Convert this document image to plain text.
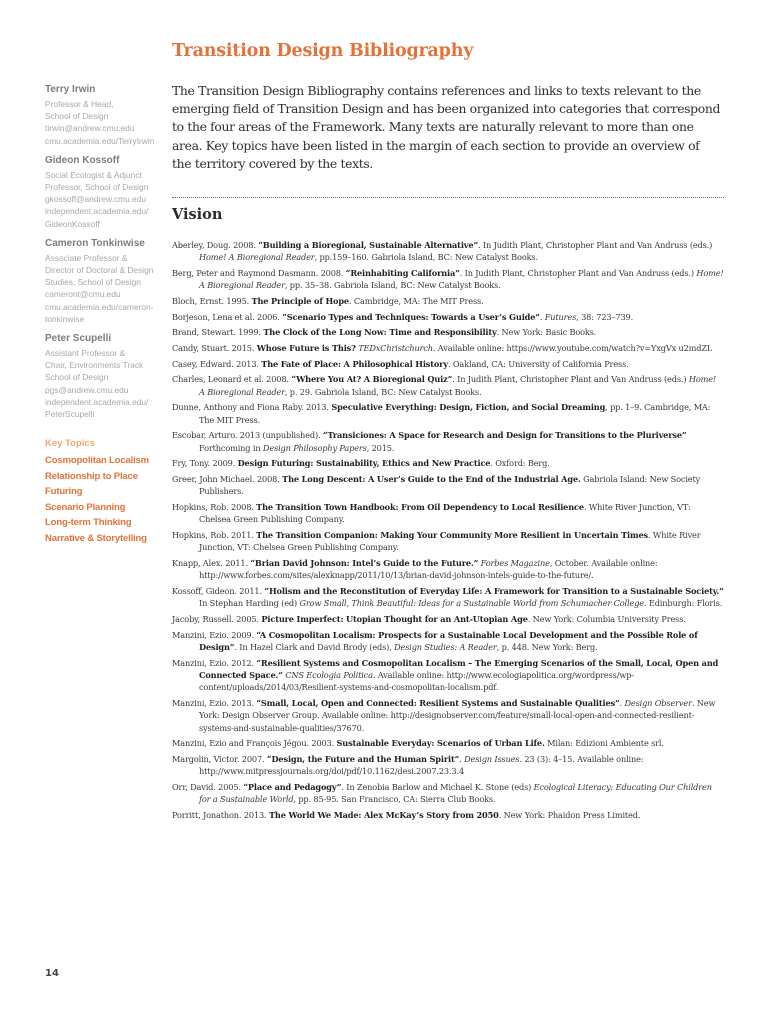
Transition Design Bibliography
Terry Irwin
Professor & Head,
School of Design
tirwin@andrew.cmu.edu
cmu.academia.edu/TerryIrwin
Gideon Kossoff
Social Ecologist & Adjunct
Professor, School of Design
gkossoff@andrew.cmu.edu
independent.academia.edu/
GideonKossoff
Cameron Tonkinwise
Associate Professor &
Director of Doctoral & Design
Studies, School of Design
cameront@cmu.edu
cmu.academia.edu/cameron-
tonkinwise
Peter Scupelli
Assistant Professor &
Chair, Environments Track
School of Design
pgs@andrew.cmu.edu
independent.academia.edu/
PeterScupelli
Key Topics
Cosmopolitan Localism
Relationship to Place
Futuring
Scenario Planning
Long-term Thinking
Narrative & Storytelling

The Transition Design Bibliography contains references and links to texts relevant to the emerging field of Transition Design and has been organized into categories that correspond to the four areas of the Framework. Many texts are naturally relevant to more than one area. Key topics have been listed in the margin of each section to provide an overview of the territory covered by the texts.

Vision
Aberley, Doug. 2008. “Building a Bioregional, Sustainable Alternative”. In Judith Plant, Christopher Plant and Van Andruss (eds.) Home! A Bioregional Reader, pp.159–160. Gabriola Island, BC: New Catalyst Books.
Berg, Peter and Raymond Dasmann. 2008. “Reinhabiting California”. In Judith Plant, Christopher Plant and Van Andruss (eds.) Home! A Bioregional Reader, pp. 35–38. Gabriola Island, BC: New Catalyst Books.
Bloch, Ernst. 1995. The Principle of Hope. Cambridge, MA: The MIT Press.
Borjeson, Lena et al. 2006. “Scenario Types and Techniques: Towards a User’s Guide”. Futures, 38: 723–739.
Brand, Stewart. 1999. The Clock of the Long Now: Time and Responsibility. New York: Basic Books.
Candy, Stuart. 2015. Whose Future is This? TEDxChristchurch. Available online: https://www.youtube.com/watch?v=YxgVx u2mdZI.
Casey, Edward. 2013. The Fate of Place: A Philosophical History. Oakland, CA: University of California Press.
Charles, Leonard et al. 2008. “Where You At? A Bioregional Quiz”. In Judith Plant, Christopher Plant and Van Andruss (eds.) Home! A Bioregional Reader, p. 29. Gabriola Island, BC: New Catalyst Books.
Dunne, Anthony and Fiona Raby. 2013. Speculative Everything: Design, Fiction, and Social Dreaming, pp. 1–9. Cambridge, MA: The MIT Press.
Escobar, Arturo. 2013 (unpublished). “Transiciones: A Space for Research and Design for Transitions to the Pluriverse” Forthcoming in Design Philosophy Papers, 2015.
Fry, Tony. 2009. Design Futuring: Sustainability, Ethics and New Practice. Oxford: Berg.
Greer, John Michael. 2008. The Long Descent: A User’s Guide to the End of the Industrial Age. Gabriola Island: New Society Publishers.
Hopkins, Rob. 2008. The Transition Town Handbook: From Oil Dependency to Local Resilience. White River Junction, VT: Chelsea Green Publishing Company.
Hopkins, Rob. 2011. The Transition Companion: Making Your Community More Resilient in Uncertain Times. White River Junction, VT: Chelsea Green Publishing Company.
Knapp, Alex. 2011. “Brian David Johnson: Intel’s Guide to the Future.” Forbes Magazine, October. Available online: http://www.forbes.com/sites/alexknapp/2011/10/13/brian-david-johnson-intels-guide-to-the-future/.
Kossoff, Gideon. 2011. “Holism and the Reconstitution of Everyday Life: A Framework for Transition to a Sustainable Society.” In Stephan Harding (ed) Grow Small, Think Beautiful: Ideas for a Sustainable World from Schumacher College. Edinburgh: Floris.
Jacoby, Russell. 2005. Picture Imperfect: Utopian Thought for an Ant-Utopian Age. New York: Columbia University Press.
Manzini, Ezio. 2009. “A Cosmopolitan Localism: Prospects for a Sustainable Local Development and the Possible Role of Design”. In Hazel Clark and David Brody (eds), Design Studies: A Reader, p. 448. New York: Berg.
Manzini, Ezio. 2012. “Resilient Systems and Cosmopolitan Localism – The Emerging Scenarios of the Small, Local, Open and Connected Space.” CNS Ecologia Politica. Available online: http://www.ecologiapolitica.org/wordpress/wp-content/uploads/2014/03/Resilient-systems-and-cosmopolitan-localism.pdf.
Manzini, Ezio. 2013. “Small, Local, Open and Connected: Resilient Systems and Sustainable Qualities”. Design Observer. New York: Design Observer Group. Available online: http://designobserver.com/feature/small-local-open-and-connected-resilient-systems-and-sustainable-qualities/37670.
Manzini, Ezio and François Jégou. 2003. Sustainable Everyday: Scenarios of Urban Life. Milan: Edizioni Ambiente srl.
Margolin, Victor. 2007. “Design, the Future and the Human Spirit”. Design Issues. 23 (3): 4–15. Available online: http://www.mitpressjournals.org/doi/pdf/10.1162/desi.2007.23.3.4
Orr, David. 2005. “Place and Pedagogy”. In Zenobia Barlow and Michael K. Stone (eds) Ecological Literacy: Educating Our Children for a Sustainable World, pp. 85-95. San Francisco, CA: Sierra Club Books.
Porritt, Jonathon. 2013. The World We Made: Alex McKay’s Story from 2050. New York: Phaidon Press Limited.
14
